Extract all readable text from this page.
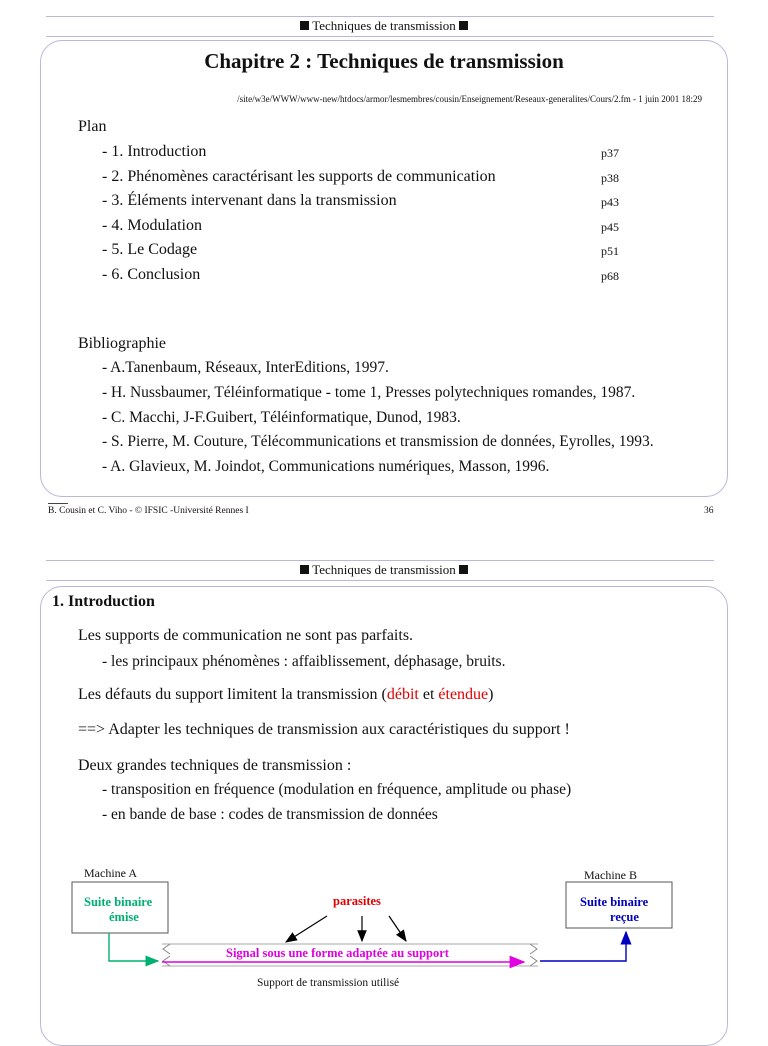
Techniques de transmission
Chapitre 2 : Techniques de transmission
/site/w3e/WWW/www-new/htdocs/armor/lesmembres/cousin/Enseignement/Reseaux-generalites/Cours/2.fm - 1 juin 2001 18:29
Plan
- 1. Introduction	p37
- 2. Phénomènes caractérisant les supports de communication	p38
- 3. Éléments intervenant dans la transmission	p43
- 4. Modulation	p45
- 5. Le Codage	p51
- 6. Conclusion	p68
Bibliographie
- A.Tanenbaum, Réseaux, InterEditions, 1997.
- H. Nussbaumer, Téléinformatique - tome 1, Presses polytechniques romandes, 1987.
- C. Macchi, J-F.Guibert, Téléinformatique, Dunod, 1983.
- S. Pierre, M. Couture, Télécommunications et transmission de données, Eyrolles, 1993.
- A. Glavieux, M. Joindot, Communications numériques, Masson, 1996.
B. Cousin et C. Viho - © IFSIC -Université Rennes I	36
Techniques de transmission
1. Introduction
Les supports de communication ne sont pas parfaits.
- les principaux phénomènes : affaiblissement, déphasage, bruits.
Les défauts du support limitent la transmission (débit et étendue)
==> Adapter les techniques de transmission aux caractéristiques du support !
Deux grandes techniques de transmission :
- transposition en fréquence (modulation en fréquence, amplitude ou phase)
- en bande de base : codes de transmission de données
Machine A	Machine B
Suite binaire
émise
Suite binaire
reçue
parasites
Signal sous une forme adaptée au support
Support de transmission utilisé
